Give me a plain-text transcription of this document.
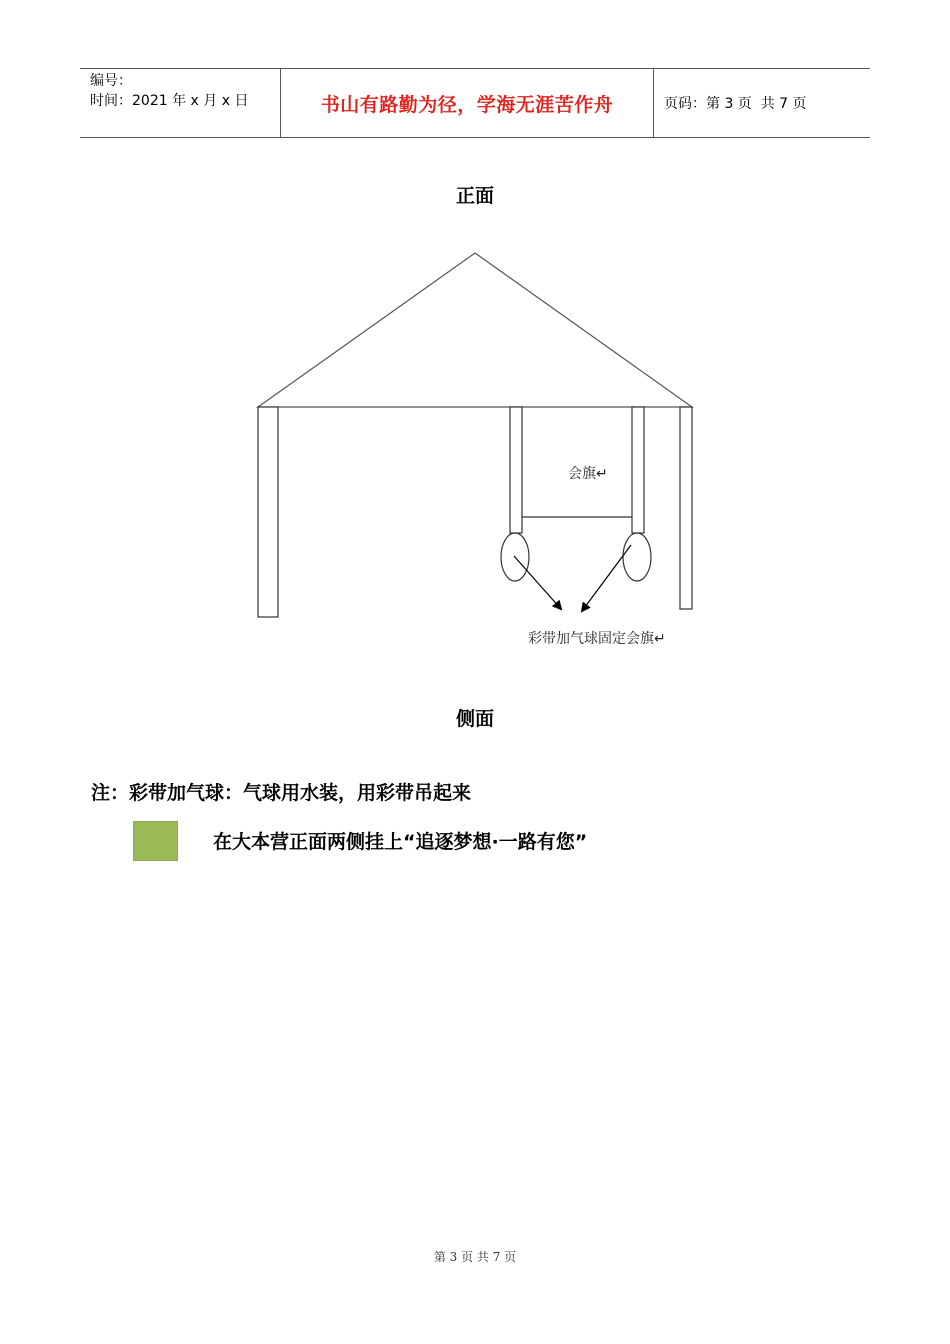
编号：
时间：2021 年 x 月 x 日	书山有路勤为径，学海无涯苦作舟	页码：第 3 页  共 7 页
正面
会旗↵
彩带加气球固定会旗↵
侧面
注：彩带加气球：气球用水装，用彩带吊起来
在大本营正面两侧挂上“追逐梦想·一路有您”
第 3 页 共 7 页
